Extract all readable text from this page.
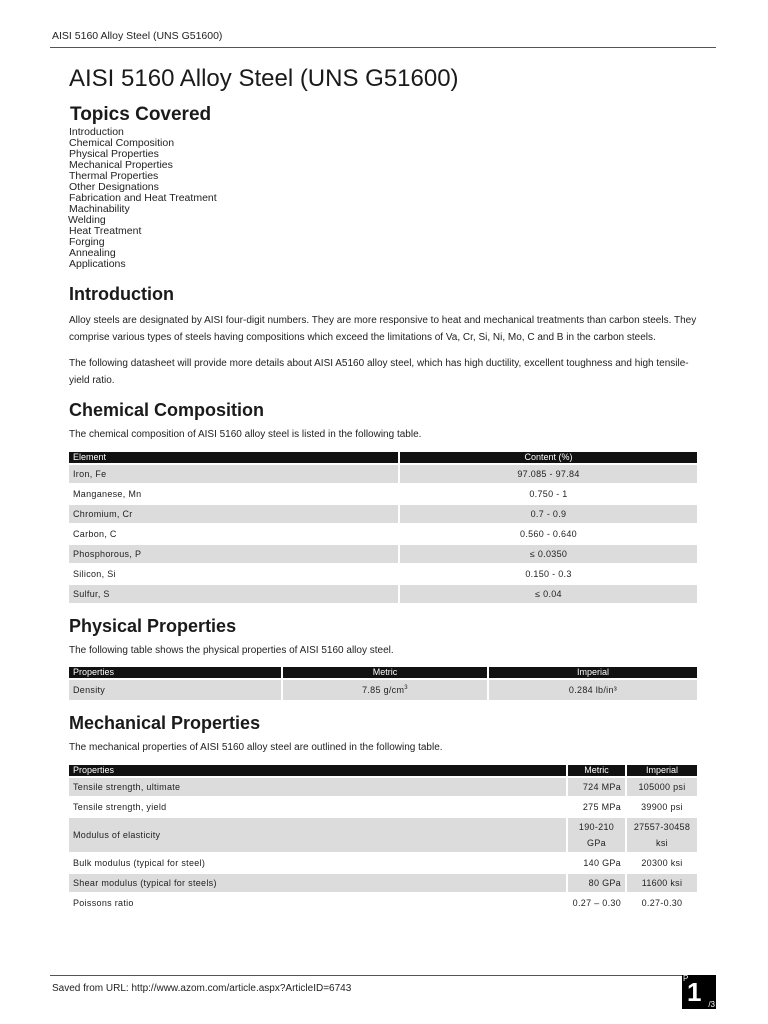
AISI 5160 Alloy Steel (UNS G51600)
AISI 5160 Alloy Steel (UNS G51600)
Topics Covered
Introduction
Chemical Composition
Physical Properties
Mechanical Properties
Thermal Properties
Other Designations
Fabrication and Heat Treatment
Machinability
Welding
Heat Treatment
Forging
Annealing
Applications
Introduction

Alloy steels are designated by AISI four-digit numbers. They are more responsive to heat and mechanical treatments than carbon steels. They comprise various types of steels having compositions which exceed the limitations of Va, Cr, Si, Ni, Mo, C and B in the carbon steels.

The following datasheet will provide more details about AISI A5160 alloy steel, which has high ductility, excellent toughness and high tensile-yield ratio.

Chemical Composition

The chemical composition of AISI 5160 alloy steel is listed in the following table.

Element	Content (%)
Iron, Fe	97.085 - 97.84
Manganese, Mn	0.750 - 1
Chromium, Cr	0.7 - 0.9
Carbon, C	0.560 - 0.640
Phosphorous, P	≤ 0.0350
Silicon, Si	0.150 - 0.3
Sulfur, S	≤ 0.04
Physical Properties

The following table shows the physical properties of AISI 5160 alloy steel.

Properties	Metric	Imperial
Density	7.85 $g/cm^3$	0.284 lb/in³
Mechanical Properties

The mechanical properties of AISI 5160 alloy steel are outlined in the following table.

Properties	Metric	Imperial
Tensile strength, ultimate	724 MPa	105000 psi
Tensile strength, yield	275 MPa	39900 psi
Modulus of elasticity	190-210 GPa	27557-30458 ksi
Bulk modulus (typical for steel)	140 GPa	20300 ksi
Shear modulus (typical for steels)	80 GPa	11600 ksi
Poissons ratio	0.27 – 0.30	0.27-0.30
Saved from URL: http://www.azom.com/article.aspx?ArticleID=6743
P
1 /3
